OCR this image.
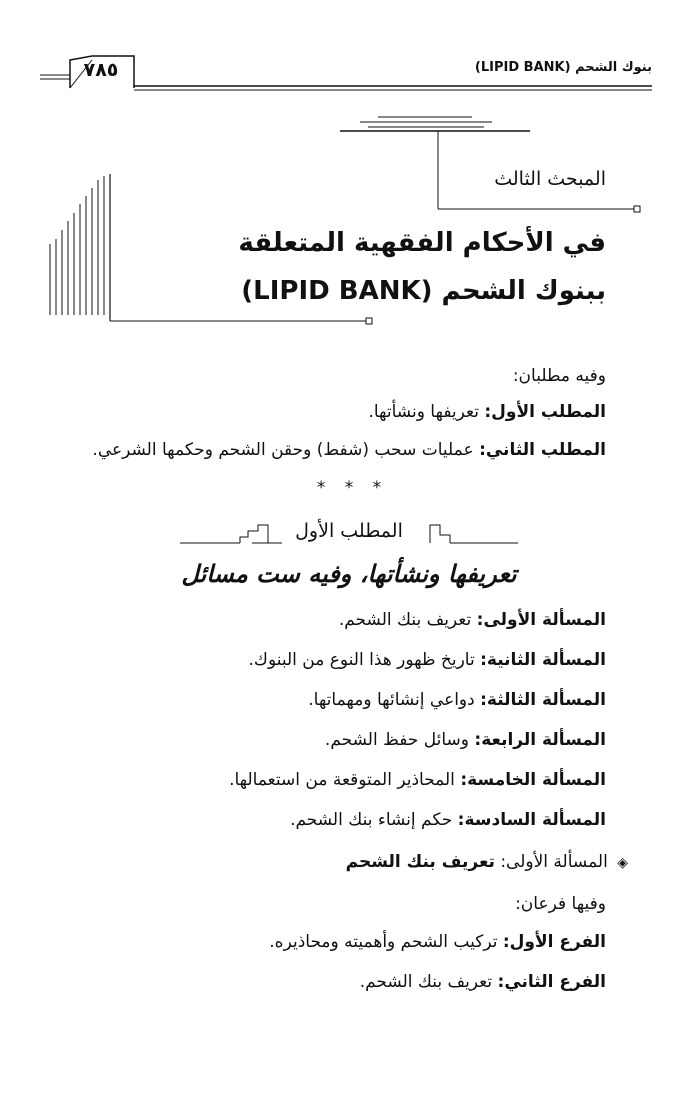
بنوك الشحم (LIPID BANK)
٧٨٥
المبحث الثالث
في الأحكام الفقهية المتعلقة
ببنوك الشحم (LIPID BANK)
وفيه مطلبان:
المطلب الأول: تعريفها ونشأتها.
المطلب الثاني: عمليات سحب (شفط) وحقن الشحم وحكمها الشرعي.
* * *
المطلب الأول
تعريفها ونشأتها، وفيه ست مسائل
المسألة الأولى: تعريف بنك الشحم.
المسألة الثانية: تاريخ ظهور هذا النوع من البنوك.
المسألة الثالثة: دواعي إنشائها ومهماتها.
المسألة الرابعة: وسائل حفظ الشحم.
المسألة الخامسة: المحاذير المتوقعة من استعمالها.
المسألة السادسة: حكم إنشاء بنك الشحم.
◈ المسألة الأولى: تعريف بنك الشحم
وفيها فرعان:
الفرع الأول: تركيب الشحم وأهميته ومحاذيره.
الفرع الثاني: تعريف بنك الشحم.
